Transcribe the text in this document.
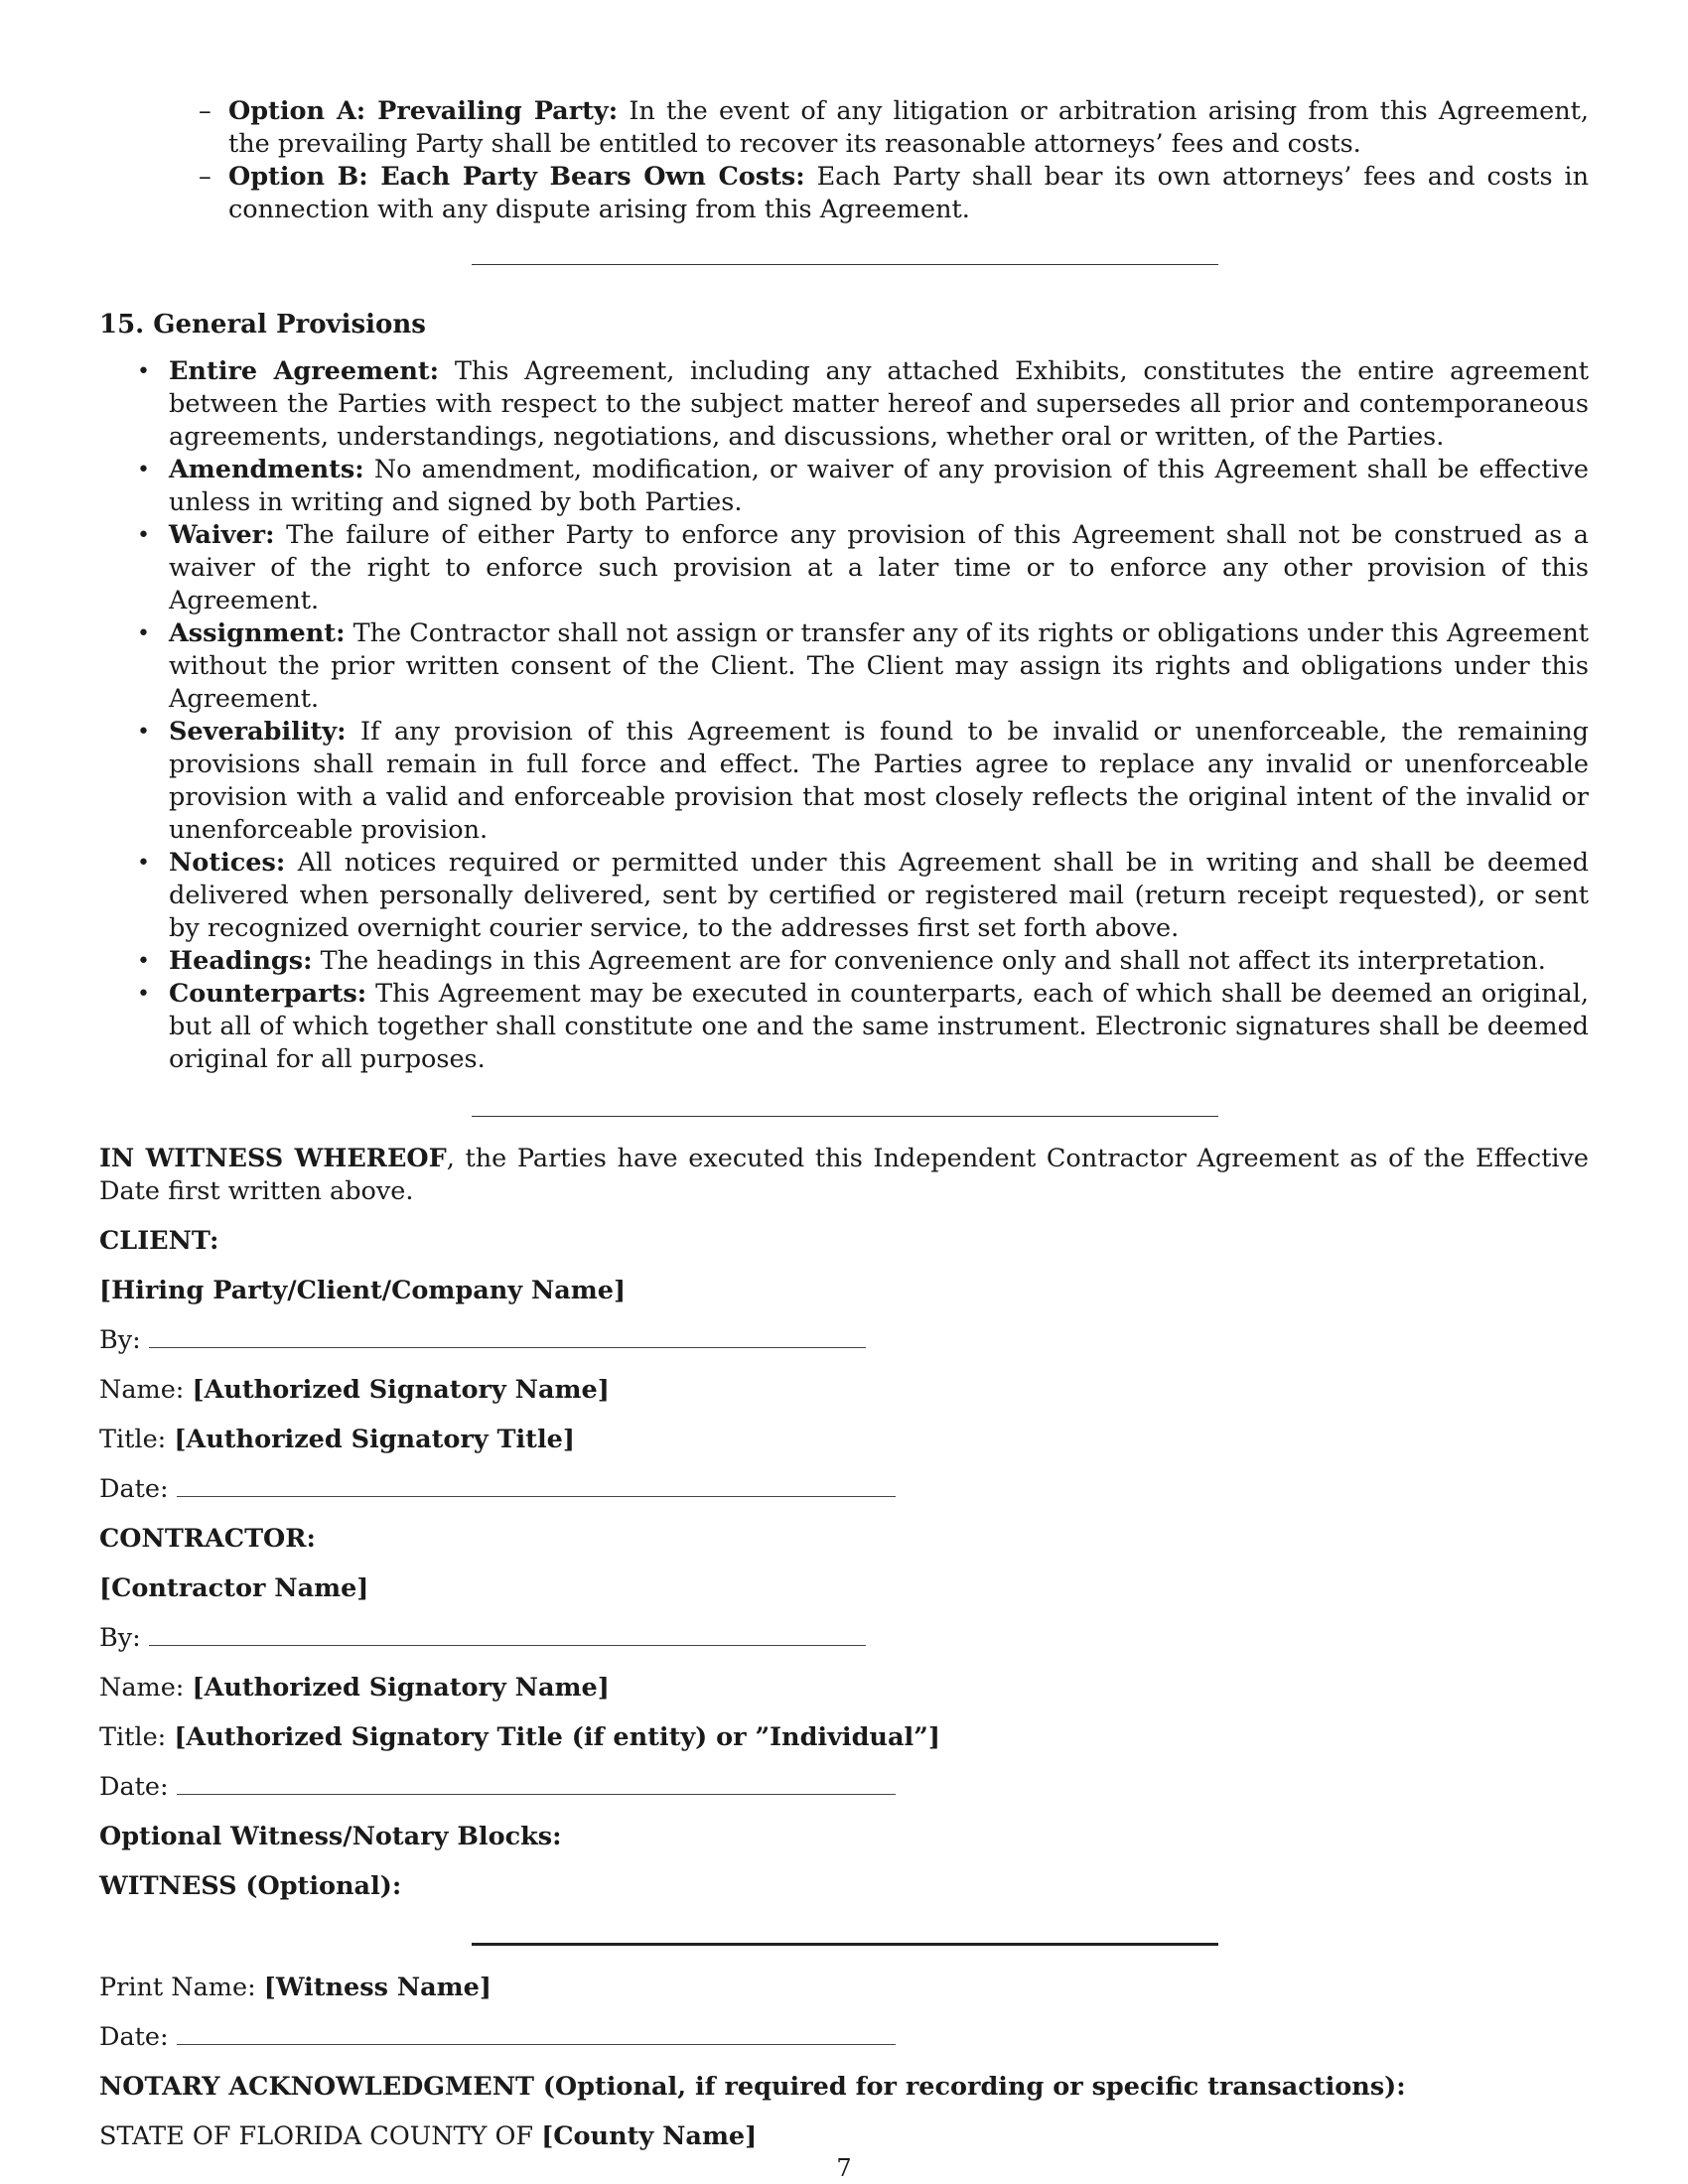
– Option A: Prevailing Party: In the event of any litigation or arbitration arising from this Agreement, the prevailing Party shall be entitled to recover its reasonable attorneys’ fees and costs.
– Option B: Each Party Bears Own Costs: Each Party shall bear its own attorneys’ fees and costs in connection with any dispute arising from this Agreement.
15. General Provisions
• Entire Agreement: This Agreement, including any attached Exhibits, constitutes the entire agreement between the Parties with respect to the subject matter hereof and supersedes all prior and contemporaneous agreements, understandings, negotiations, and discussions, whether oral or written, of the Parties.
• Amendments: No amendment, modification, or waiver of any provision of this Agreement shall be effective unless in writing and signed by both Parties.
• Waiver: The failure of either Party to enforce any provision of this Agreement shall not be construed as a waiver of the right to enforce such provision at a later time or to enforce any other provision of this Agreement.
• Assignment: The Contractor shall not assign or transfer any of its rights or obligations under this Agreement without the prior written consent of the Client. The Client may assign its rights and obligations under this Agreement.
• Severability: If any provision of this Agreement is found to be invalid or unenforceable, the remaining provisions shall remain in full force and effect. The Parties agree to replace any invalid or unenforceable provision with a valid and enforceable provision that most closely reflects the original intent of the invalid or unenforceable provision.
• Notices: All notices required or permitted under this Agreement shall be in writing and shall be deemed delivered when personally delivered, sent by certified or registered mail (return receipt requested), or sent by recognized overnight courier service, to the addresses first set forth above.
• Headings: The headings in this Agreement are for convenience only and shall not affect its interpretation.
• Counterparts: This Agreement may be executed in counterparts, each of which shall be deemed an original, but all of which together shall constitute one and the same instrument. Electronic signatures shall be deemed original for all purposes.
IN WITNESS WHEREOF, the Parties have executed this Independent Contractor Agreement as of the Effective Date first written above.
CLIENT:
[Hiring Party/Client/Company Name]
By:
Name: [Authorized Signatory Name]
Title: [Authorized Signatory Title]
Date:
CONTRACTOR:
[Contractor Name]
By:
Name: [Authorized Signatory Name]
Title: [Authorized Signatory Title (if entity) or ”Individual”]
Date:
Optional Witness/Notary Blocks:
WITNESS (Optional):
Print Name: [Witness Name]
Date:
NOTARY ACKNOWLEDGMENT (Optional, if required for recording or specific transactions):
STATE OF FLORIDA COUNTY OF [County Name]
7
